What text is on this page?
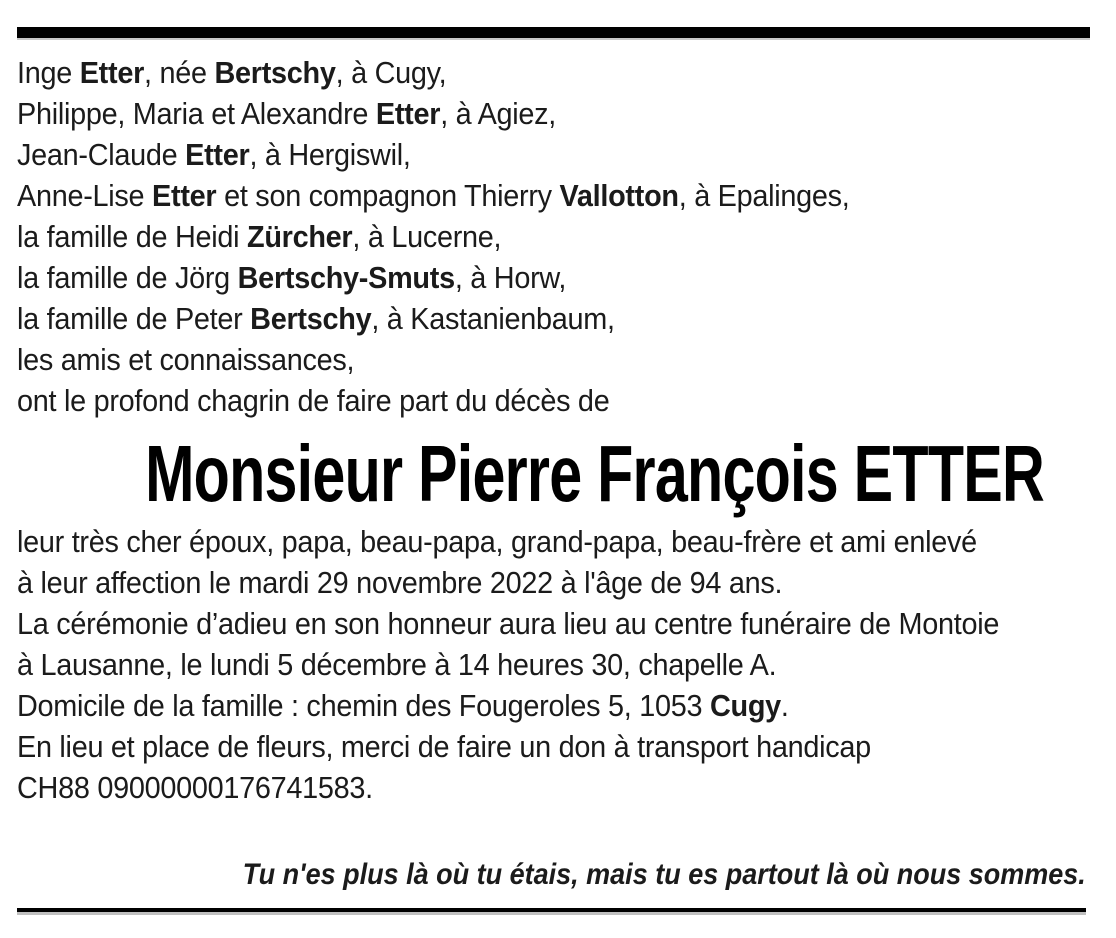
Inge Etter, née Bertschy, à Cugy,
Philippe, Maria et Alexandre Etter, à Agiez,
Jean-Claude Etter, à Hergiswil,
Anne-Lise Etter et son compagnon Thierry Vallotton, à Epalinges,
la famille de Heidi Zürcher, à Lucerne,
la famille de Jörg Bertschy-Smuts, à Horw,
la famille de Peter Bertschy, à Kastanienbaum,
les amis et connaissances,
ont le profond chagrin de faire part du décès de
Monsieur Pierre François ETTER
leur très cher époux, papa, beau-papa, grand-papa, beau-frère et ami enlevé
à leur affection le mardi 29 novembre 2022 à l'âge de 94 ans.
La cérémonie d’adieu en son honneur aura lieu au centre funéraire de Montoie
à Lausanne, le lundi 5 décembre à 14 heures 30, chapelle A.
Domicile de la famille : chemin des Fougeroles 5, 1053 Cugy.
En lieu et place de fleurs, merci de faire un don à transport handicap
CH88 09000000176741583.
Tu n'es plus là où tu étais, mais tu es partout là où nous sommes.
